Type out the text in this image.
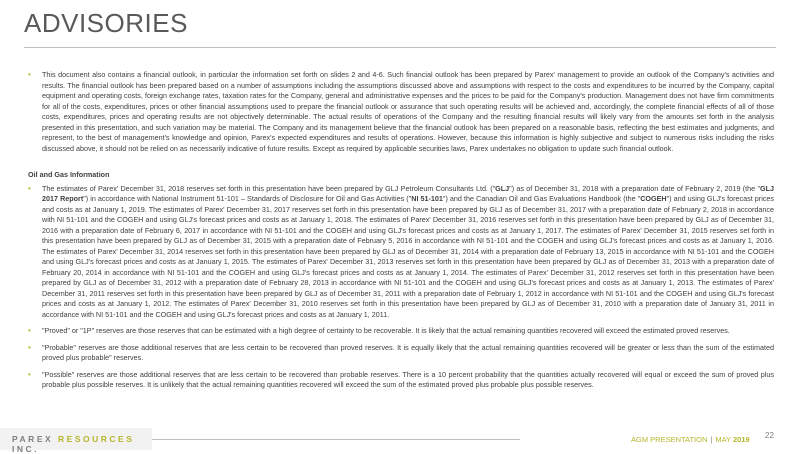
ADVISORIES

• This document also contains a financial outlook, in particular the information set forth on slides 2 and 4-6. Such financial outlook has been prepared by Parex' management to provide an outlook of the Company's activities and results. The financial outlook has been prepared based on a number of assumptions including the assumptions discussed above and assumptions with respect to the costs and expenditures to be incurred by the Company, capital equipment and operating costs, foreign exchange rates, taxation rates for the Company, general and administrative expenses and the prices to be paid for the Company's production. Management does not have firm commitments for all of the costs, expenditures, prices or other financial assumptions used to prepare the financial outlook or assurance that such operating results will be achieved and, accordingly, the complete financial effects of all of those costs, expenditures, prices and operating results are not objectively determinable. The actual results of operations of the Company and the resulting financial results will likely vary from the amounts set forth in the analysis presented in this presentation, and such variation may be material. The Company and its management believe that the financial outlook has been prepared on a reasonable basis, reflecting the best estimates and judgments, and represent, to the best of management's knowledge and opinion, Parex's expected expenditures and results of operations. However, because this information is highly subjective and subject to numerous risks including the risks discussed above, it should not be relied on as necessarily indicative of future results. Except as required by applicable securities laws, Parex undertakes no obligation to update such financial outlook.

Oil and Gas Information

• The estimates of Parex' December 31, 2018 reserves set forth in this presentation have been prepared by GLJ Petroleum Consultants Ltd. ("GLJ") as of December 31, 2018 with a preparation date of February 2, 2019 (the "GLJ 2017 Report") in accordance with National Instrument 51-101 – Standards of Disclosure for Oil and Gas Activities ("NI 51-101") and the Canadian Oil and Gas Evaluations Handbook (the "COGEH") and using GLJ's forecast prices and costs as at January 1, 2019. The estimates of Parex' December 31, 2017 reserves set forth in this presentation have been prepared by GLJ as of December 31, 2017 with a preparation date of February 2, 2018 in accordance with NI 51-101 and the COGEH and using GLJ's forecast prices and costs as at January 1, 2018. The estimates of Parex' December 31, 2016 reserves set forth in this presentation have been prepared by GLJ as of December 31, 2016 with a preparation date of February 6, 2017 in accordance with NI 51-101 and the COGEH and using GLJ's forecast prices and costs as at January 1, 2017. The estimates of Parex' December 31, 2015 reserves set forth in this presentation have been prepared by GLJ as of December 31, 2015 with a preparation date of February 5, 2016 in accordance with NI 51-101 and the COGEH and using GLJ's forecast prices and costs as at January 1, 2016. The estimates of Parex' December 31, 2014 reserves set forth in this presentation have been prepared by GLJ as of December 31, 2014 with a preparation date of February 13, 2015 in accordance with NI 51-101 and the COGEH and using GLJ's forecast prices and costs as at January 1, 2015. The estimates of Parex' December 31, 2013 reserves set forth in this presentation have been prepared by GLJ as of December 31, 2013 with a preparation date of February 20, 2014 in accordance with NI 51-101 and the COGEH and using GLJ's forecast prices and costs as at January 1, 2014. The estimates of Parex' December 31, 2012 reserves set forth in this presentation have been prepared by GLJ as of December 31, 2012 with a preparation date of February 28, 2013 in accordance with NI 51-101 and the COGEH and using GLJ's forecast prices and costs as at January 1, 2013. The estimates of Parex' December 31, 2011 reserves set forth in this presentation have been prepared by GLJ as of December 31, 2011 with a preparation date of February 1, 2012 in accordance with NI 51-101 and the COGEH and using GLJ's forecast prices and costs as at January 1, 2012. The estimates of Parex' December 31, 2010 reserves set forth in this presentation have been prepared by GLJ as of December 31, 2010 with a preparation date of January 31, 2011 in accordance with NI 51-101 and the COGEH and using GLJ's forecast prices and costs as at January 1, 2011.

• "Proved" or "1P" reserves are those reserves that can be estimated with a high degree of certainty to be recoverable. It is likely that the actual remaining quantities recovered will exceed the estimated proved reserves.

• "Probable" reserves are those additional reserves that are less certain to be recovered than proved reserves. It is equally likely that the actual remaining quantities recovered will be greater or less than the sum of the estimated proved plus probable" reserves.

• "Possible" reserves are those additional reserves that are less certain to be recovered than probable reserves. There is a 10 percent probability that the quantities actually recovered will equal or exceed the sum of proved plus probable plus possible reserves. It is unlikely that the actual remaining quantities recovered will exceed the sum of the estimated proved plus probable plus possible reserves.

PAREX RESOURCES INC.
AGM PRESENTATION | MAY 2019 22
